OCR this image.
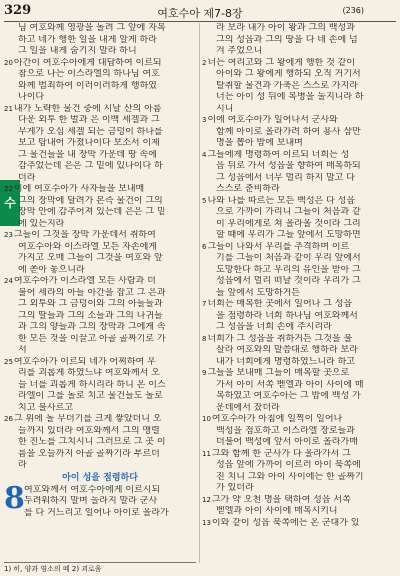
329	여호수아 제7-8장	(236)
수
님 여호와께 영광을 돌려 그 앞에 자복
하고 네가 행한 일을 내게 알게 하라
그 일을 내게 숨기지 말라 하니
20아간이 여호수아에게 대답하여 이르되
참으로 나는 이스라엘의 하나님 여호
와께 범죄하여 이러이러하게 행하였
나이다
21내가 노략한 물건 중에 시날 산의 아름
다운 외투 한 벌과 은 이백 세겔과 그
무게가 오십 세겔 되는 금덩이 하나를
보고 탐내어 가졌나이다 보소서 이제
그 물건들을 내 장막 가운데 땅 속에
감추었는데 은은 그 밑에 있나이다 하
더라
22이에 여호수아가 사자들을 보내매
그의 장막에 달려가 본즉 물건이 그의
장막 안에 감추어져 있는데 은은 그 밑
에 있는지라
23그들이 그것을 장막 가운데서 취하여
여호수아와 이스라엘 모든 자손에게
가지고 오매 그들이 그것을 여호와 앞
에 쏟아 놓으니라
24여호수아가 이스라엘 모든 사람과 더
불어 세라의 아들 아간을 잡고 그 은과
그 외투와 그 금덩이와 그의 아들들과
그의 딸들과 그의 소들과 그의 나귀들
과 그의 양들과 그의 장막과 그에게 속
한 모든 것을 이끌고 아골 골짜기로 가
서
25여호수아가 이르되 네가 어찌하여 우
리를 괴롭게 하였느냐 여호와께서 오
늘 너를 괴롭게 하시리라 하니 온 이스
라엘이 그를 돌로 치고 물건들도 돌로
치고 불사르고
26그 위에 돌 무더기를 크게 쌓았더니 오
늘까지 있더라 여호와께서 그의 맹렬
한 진노를 그치시니 그러므로 그 곳 이
름을 오늘까지 아골 골짜기라 부르더
라
아이 성을 점령하다
8 여호와께서 여호수아에게 이르시되
두려워하지 말며 놀라지 말라 군사
를 다 거느리고 일어나 아이로 올라가
라 보라 내가 아이 왕과 그의 백성과
그의 성읍과 그의 땅을 다 네 손에 넘
겨 주었으니
2너는 여리고와 그 왕에게 행한 것 같이
아이와 그 왕에게 행하되 오직 거기서
탈취할 물건과 가축은 스스로 가지라
너는 아이 성 뒤에 복병을 둘지니라 하
시니
3이에 여호수아가 일어나서 군사와
함께 아이로 올라가려 하여 용사 삼만
명을 뽑아 밤에 보내며
4그들에게 명령하여 이르되 너희는 성
읍 뒤로 가서 성읍을 향하여 매복하되
그 성읍에서 너무 멀리 하지 말고 다
스스로 준비하라
5나와 나를 따르는 모든 백성은 다 성읍
으로 가까이 가리니 그들이 처음과 같
이 우리에게로 쳐 올라올 것이라 그리
할 때에 우리가 그들 앞에서 도망하면
6그들이 나와서 우리를 추격하며 이르
기를 그들이 처음과 같이 우리 앞에서
도망한다 하고 우리의 유인을 받아 그
성읍에서 멀리 떠날 것이라 우리가 그
들 앞에서 도망하거든
7너희는 매복한 곳에서 일어나 그 성읍
을 점령하라 너희 하나님 여호와께서
그 성읍을 너희 손에 주시리라
8너희가 그 성읍을 취하거든 그것을 불
살라 여호와의 말씀대로 행하라 보라
내가 너희에게 명령하였느니라 하고
9그들을 보내매 그들이 매복할 곳으로
가서 아이 서쪽 벧엘과 아이 사이에 매
복하였고 여호수아는 그 밤에 백성 가
운데에서 잤더라
10여호수아가 아침에 일찍이 일어나
백성을 점호하고 이스라엘 장로들과
더불어 백성에 앞서 아이로 올라가매
11그와 함께 한 군사가 다 올라가서 그
성읍 앞에 가까이 이르러 아이 북쪽에
진 치니 그와 아이 사이에는 한 골짜기
가 있더라
12그가 약 오천 명을 택하여 성읍 서쪽
벧엘과 아이 사이에 매복시키니
13이와 같이 성읍 북쪽에는 온 군대가 있
1) 히, 양과 염소의 떼 2) 괴로움
